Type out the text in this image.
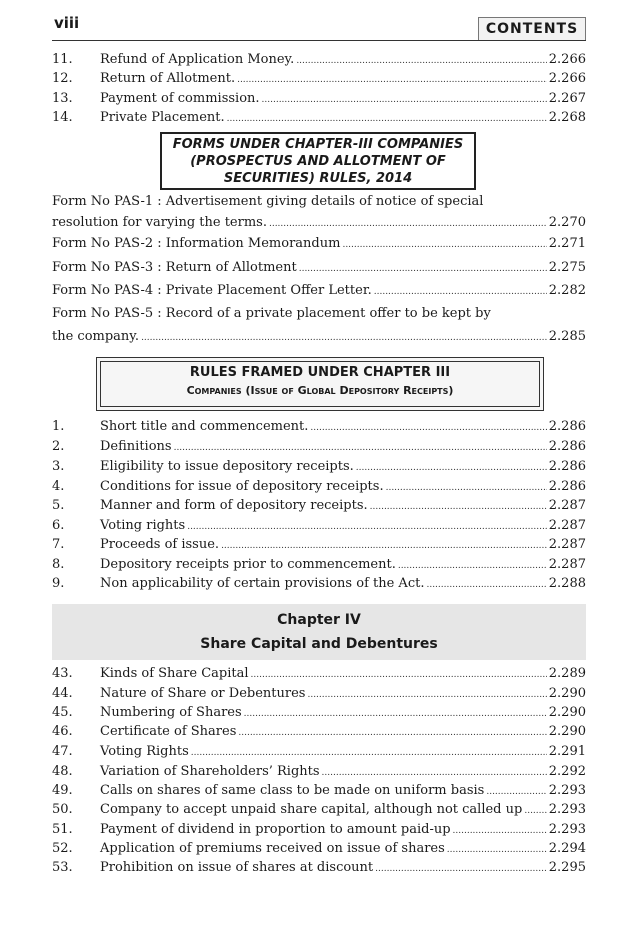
viii	CONTENTS
11.	Refund of Application Money. .....	2.266
12.	Return of Allotment. .....	2.266
13.	Payment of commission. .....	2.267
14.	Private Placement. .....	2.268
FORMS UNDER CHAPTER-III COMPANIES
(PROSPECTUS AND ALLOTMENT OF
SECURITIES) RULES, 2014
Form No PAS-1 : Advertisement giving details of notice of special
resolution for varying the terms. .....	2.270
Form No PAS-2 : Information Memorandum .....	2.271
Form No PAS-3 : Return of Allotment .....	2.275
Form No PAS-4 : Private Placement Offer Letter. .....	2.282
Form No PAS-5 : Record of a private placement offer to be kept by
the company. .....	2.285
RULES FRAMED UNDER CHAPTER III
Companies (Issue of Global Depository Receipts)
1.	Short title and commencement. .....	2.286
2.	Definitions .....	2.286
3.	Eligibility to issue depository receipts. .....	2.286
4.	Conditions for issue of depository receipts. .....	2.286
5.	Manner and form of depository receipts. .....	2.287
6.	Voting rights .....	2.287
7.	Proceeds of issue. .....	2.287
8.	Depository receipts prior to commencement. .....	2.287
9.	Non applicability of certain provisions of the Act. .....	2.288
Chapter IV
Share Capital and Debentures
43.	Kinds of Share Capital .....	2.289
44.	Nature of Share or Debentures .....	2.290
45.	Numbering of Shares .....	2.290
46.	Certificate of Shares .....	2.290
47.	Voting Rights .....	2.291
48.	Variation of Shareholders’ Rights .....	2.292
49.	Calls on shares of same class to be made on uniform basis .....	2.293
50.	Company to accept unpaid share capital, although not called up ..... 2.293
51.	Payment of dividend in proportion to amount paid-up .....	2.293
52.	Application of premiums received on issue of shares .....	2.294
53.	Prohibition on issue of shares at discount .....	2.295
